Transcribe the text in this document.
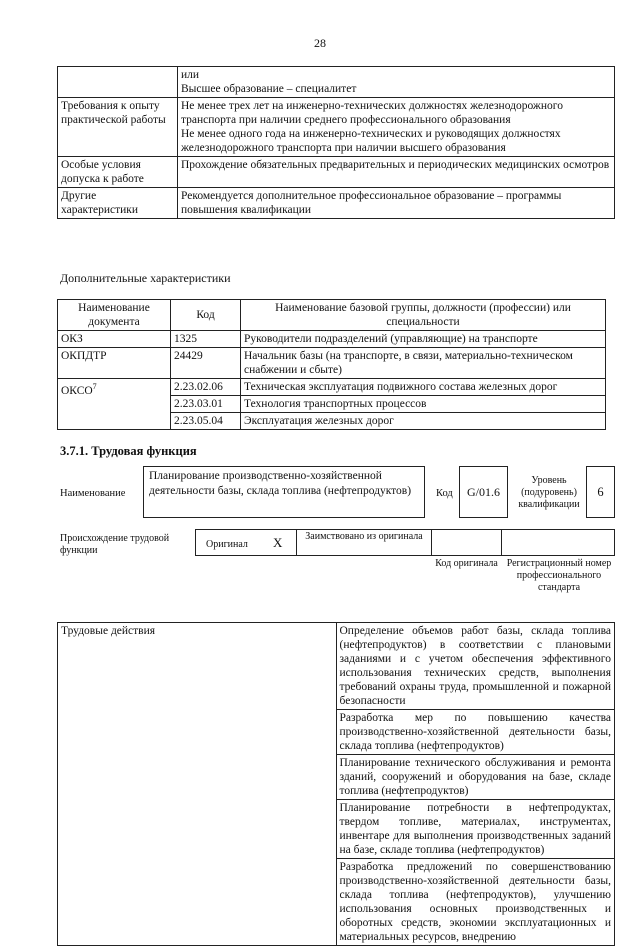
28

	или
Высшее образование – специалитет

Требования к опыту практической работы	Не менее трех лет на инженерно-технических должностях железнодорожного транспорта при наличии среднего профессионального образования
Не менее одного года на инженерно-технических и руководящих должностях железнодорожного транспорта при наличии высшего образования

Особые условия допуска к работе	Прохождение обязательных предварительных и периодических медицинских осмотров

Другие характеристики	Рекомендуется дополнительное профессиональное образование – программы повышения квалификации
Дополнительные характеристики
Наименование документа	Код	Наименование базовой группы, должности (профессии) или специальности
ОКЗ	1325	Руководители подразделений (управляющие) на транспорте
ОКПДТР	24429	Начальник базы (на транспорте, в связи, материально-техническом снабжении и сбыте)
ОКСО$^7$	2.23.02.06	Техническая эксплуатация подвижного состава железных дорог
	2.23.03.01	Технология транспортных процессов
	2.23.05.04	Эксплуатация железных дорог
3.7.1. Трудовая функция
Наименование
Планирование производственно-хозяйственной деятельности базы, склада топлива (нефтепродуктов)	Код	G/01.6
Уровень (подуровень) квалификации
6
Происхождение трудовой функции
Оригинал X	Заимствовано из оригинала
Код оригинала Регистрационный номер профессионального стандарта
Трудовые действия	Определение объемов работ базы, склада топлива (нефтепродуктов) в соответствии с плановыми заданиями и с учетом обеспечения эффективного использования технических средств, выполнения требований охраны труда, промышленной и пожарной безопасности
Разработка мер по повышению качества производственно-хозяйственной деятельности базы, склада топлива (нефтепродуктов)
Планирование технического обслуживания и ремонта зданий, сооружений и оборудования на базе, складе топлива (нефтепродуктов)
Планирование потребности в нефтепродуктах, твердом топливе, материалах, инструментах, инвентаре для выполнения производственных заданий на базе, складе топлива (нефтепродуктов)
Разработка предложений по совершенствованию производственно-хозяйственной деятельности базы, склада топлива (нефтепродуктов), улучшению использования основных производственных и оборотных средств, экономии эксплуатационных и материальных ресурсов, внедрению
